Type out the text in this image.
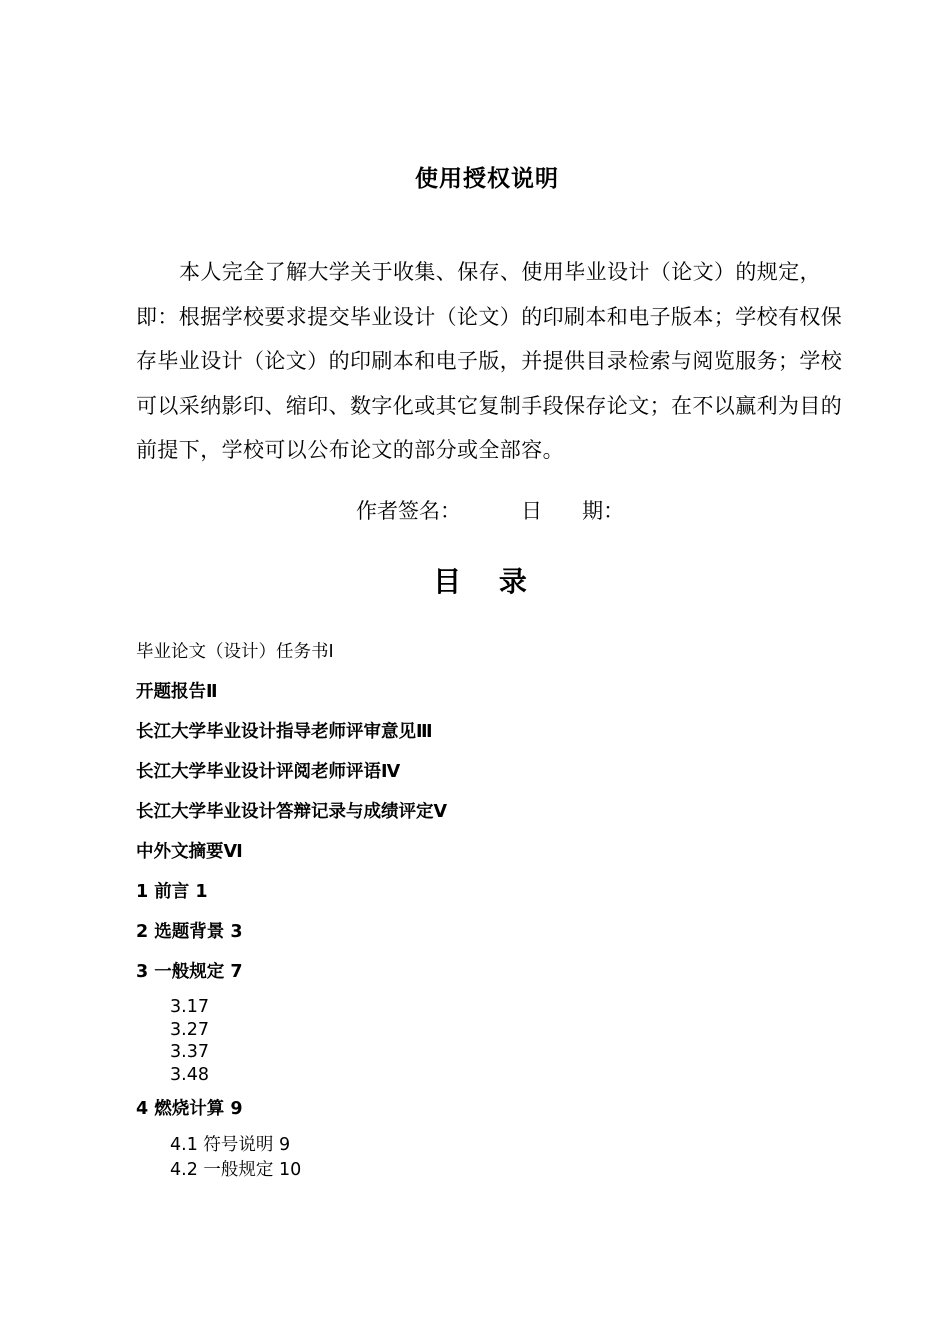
使用授权说明
本人完全了解大学关于收集、保存、使用毕业设计（论文）的规定，即：根据学校要求提交毕业设计（论文）的印刷本和电子版本；学校有权保存毕业设计（论文）的印刷本和电子版，并提供目录检索与阅览服务；学校可以采纳影印、缩印、数字化或其它复制手段保存论文；在不以赢利为目的前提下，学校可以公布论文的部分或全部容。
作者签名：         日      期：
目 录
毕业论文（设计）任务书Ⅰ
开题报告Ⅱ
长江大学毕业设计指导老师评审意见Ⅲ
长江大学毕业设计评阅老师评语Ⅳ
长江大学毕业设计答辩记录与成绩评定Ⅴ
中外文摘要Ⅵ
1 前言 1
2 选题背景 3
3 一般规定 7
3.17
3.27
3.37
3.48
4 燃烧计算 9
4.1 符号说明 9
4.2 一般规定 10
